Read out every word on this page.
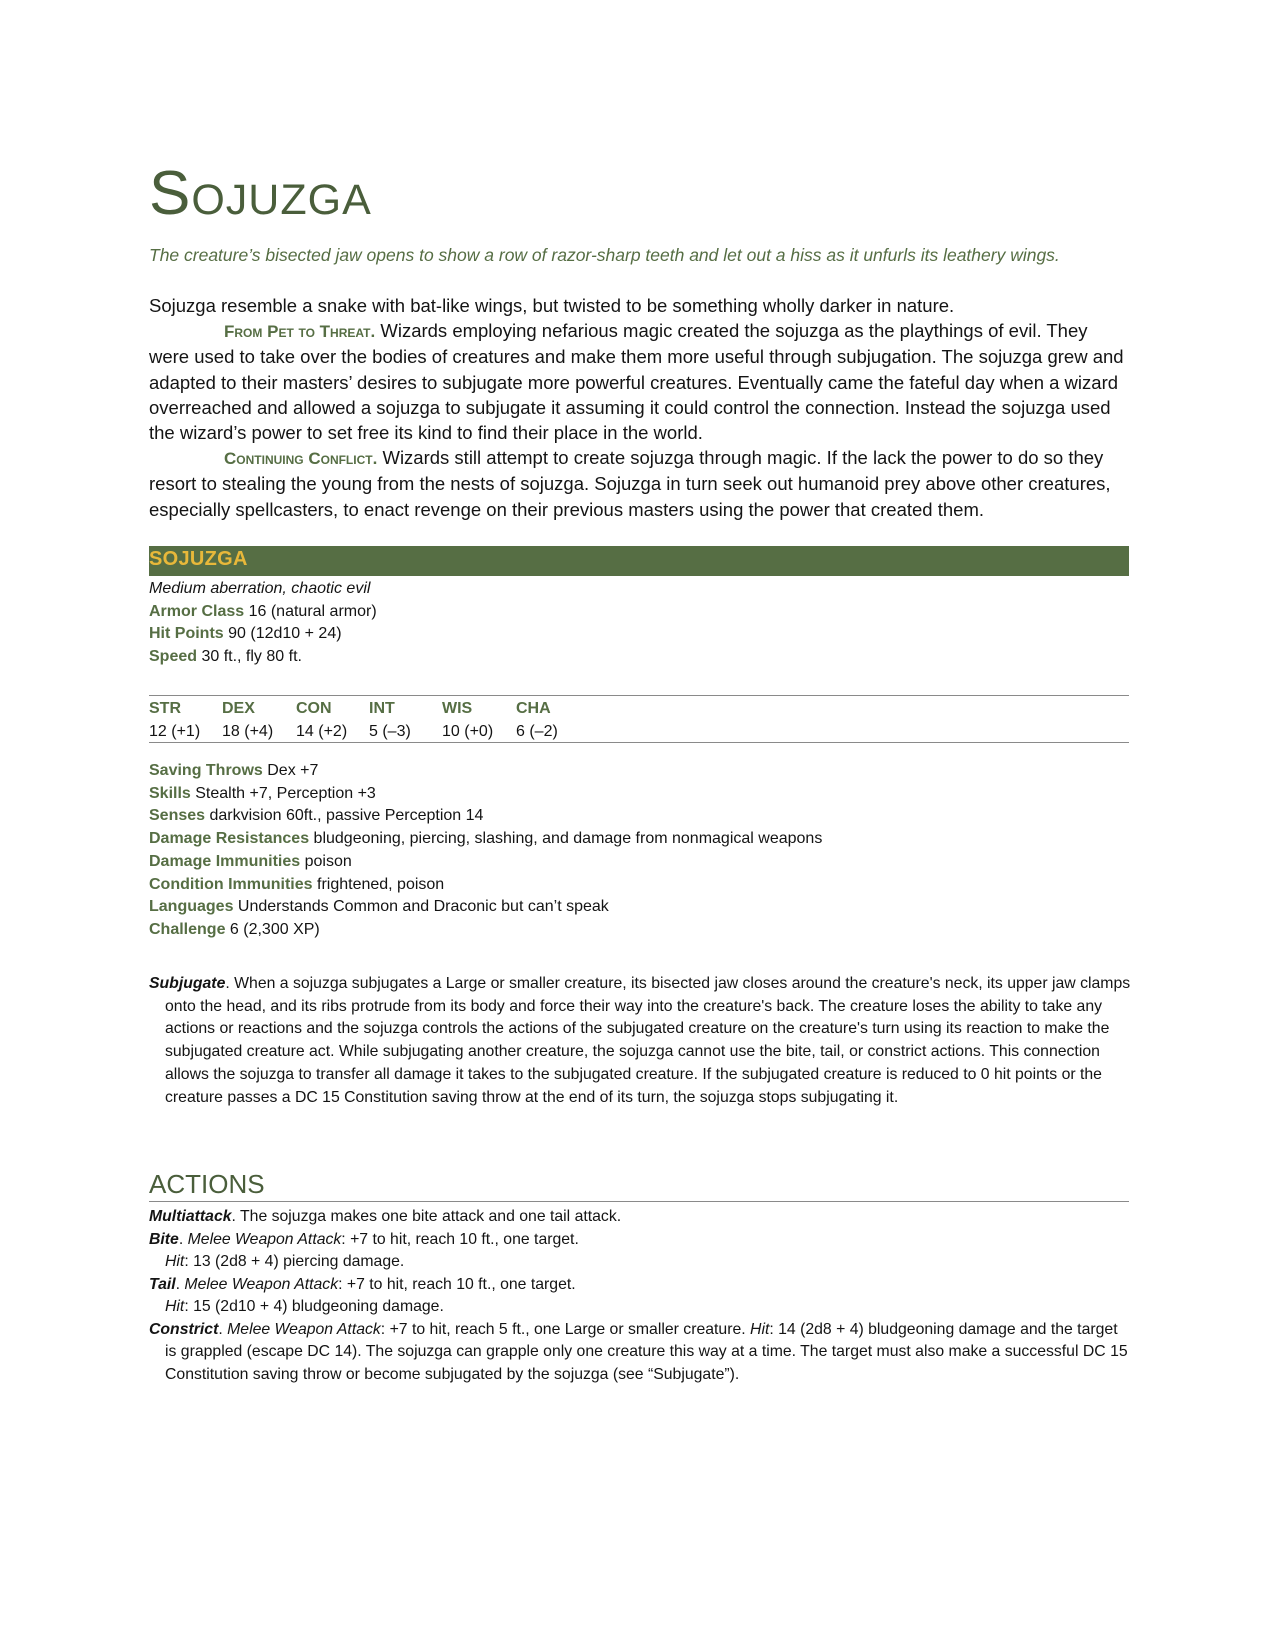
Sojuzga

The creature’s bisected jaw opens to show a row of razor-sharp teeth and let out a hiss as it unfurls its leathery wings.

Sojuzga resemble a snake with bat-like wings, but twisted to be something wholly darker in nature.

From Pet to Threat. Wizards employing nefarious magic created the sojuzga as the playthings of evil. They were used to take over the bodies of creatures and make them more useful through subjugation. The sojuzga grew and adapted to their masters’ desires to subjugate more powerful creatures. Eventually came the fateful day when a wizard overreached and allowed a sojuzga to subjugate it assuming it could control the connection. Instead the sojuzga used the wizard’s power to set free its kind to find their place in the world.

Continuing Conflict. Wizards still attempt to create sojuzga through magic. If the lack the power to do so they resort to stealing the young from the nests of sojuzga. Sojuzga in turn seek out humanoid prey above other creatures, especially spellcasters, to enact revenge on their previous masters using the power that created them.

SOJUZGA
Medium aberration, chaotic evil
Armor Class 16 (natural armor)
Hit Points 90 (12d10 + 24)
Speed 30 ft., fly 80 ft.
STR
12 (+1)
DEX
18 (+4)
CON
14 (+2)
INT
5 (–3)
WIS
10 (+0)
CHA
6 (–2)
Saving Throws Dex +7
Skills Stealth +7, Perception +3
Senses darkvision 60ft., passive Perception 14
Damage Resistances bludgeoning, piercing, slashing, and damage from nonmagical weapons
Damage Immunities poison
Condition Immunities frightened, poison
Languages Understands Common and Draconic but can’t speak
Challenge 6 (2,300 XP)

Subjugate. When a sojuzga subjugates a Large or smaller creature, its bisected jaw closes around the creature's neck, its upper jaw clamps onto the head, and its ribs protrude from its body and force their way into the creature's back. The creature loses the ability to take any actions or reactions and the sojuzga controls the actions of the subjugated creature on the creature's turn using its reaction to make the subjugated creature act. While subjugating another creature, the sojuzga cannot use the bite, tail, or constrict actions. This connection allows the sojuzga to transfer all damage it takes to the subjugated creature. If the subjugated creature is reduced to 0 hit points or the creature passes a DC 15 Constitution saving throw at the end of its turn, the sojuzga stops subjugating it.

ACTIONS

Multiattack. The sojuzga makes one bite attack and one tail attack.

Bite. Melee Weapon Attack: +7 to hit, reach 10 ft., one target.

Hit: 13 (2d8 + 4) piercing damage.

Tail. Melee Weapon Attack: +7 to hit, reach 10 ft., one target.

Hit: 15 (2d10 + 4) bludgeoning damage.

Constrict. Melee Weapon Attack: +7 to hit, reach 5 ft., one Large or smaller creature. Hit: 14 (2d8 + 4) bludgeoning damage and the target is grappled (escape DC 14). The sojuzga can grapple only one creature this way at a time. The target must also make a successful DC 15 Constitution saving throw or become subjugated by the sojuzga (see “Subjugate”).
